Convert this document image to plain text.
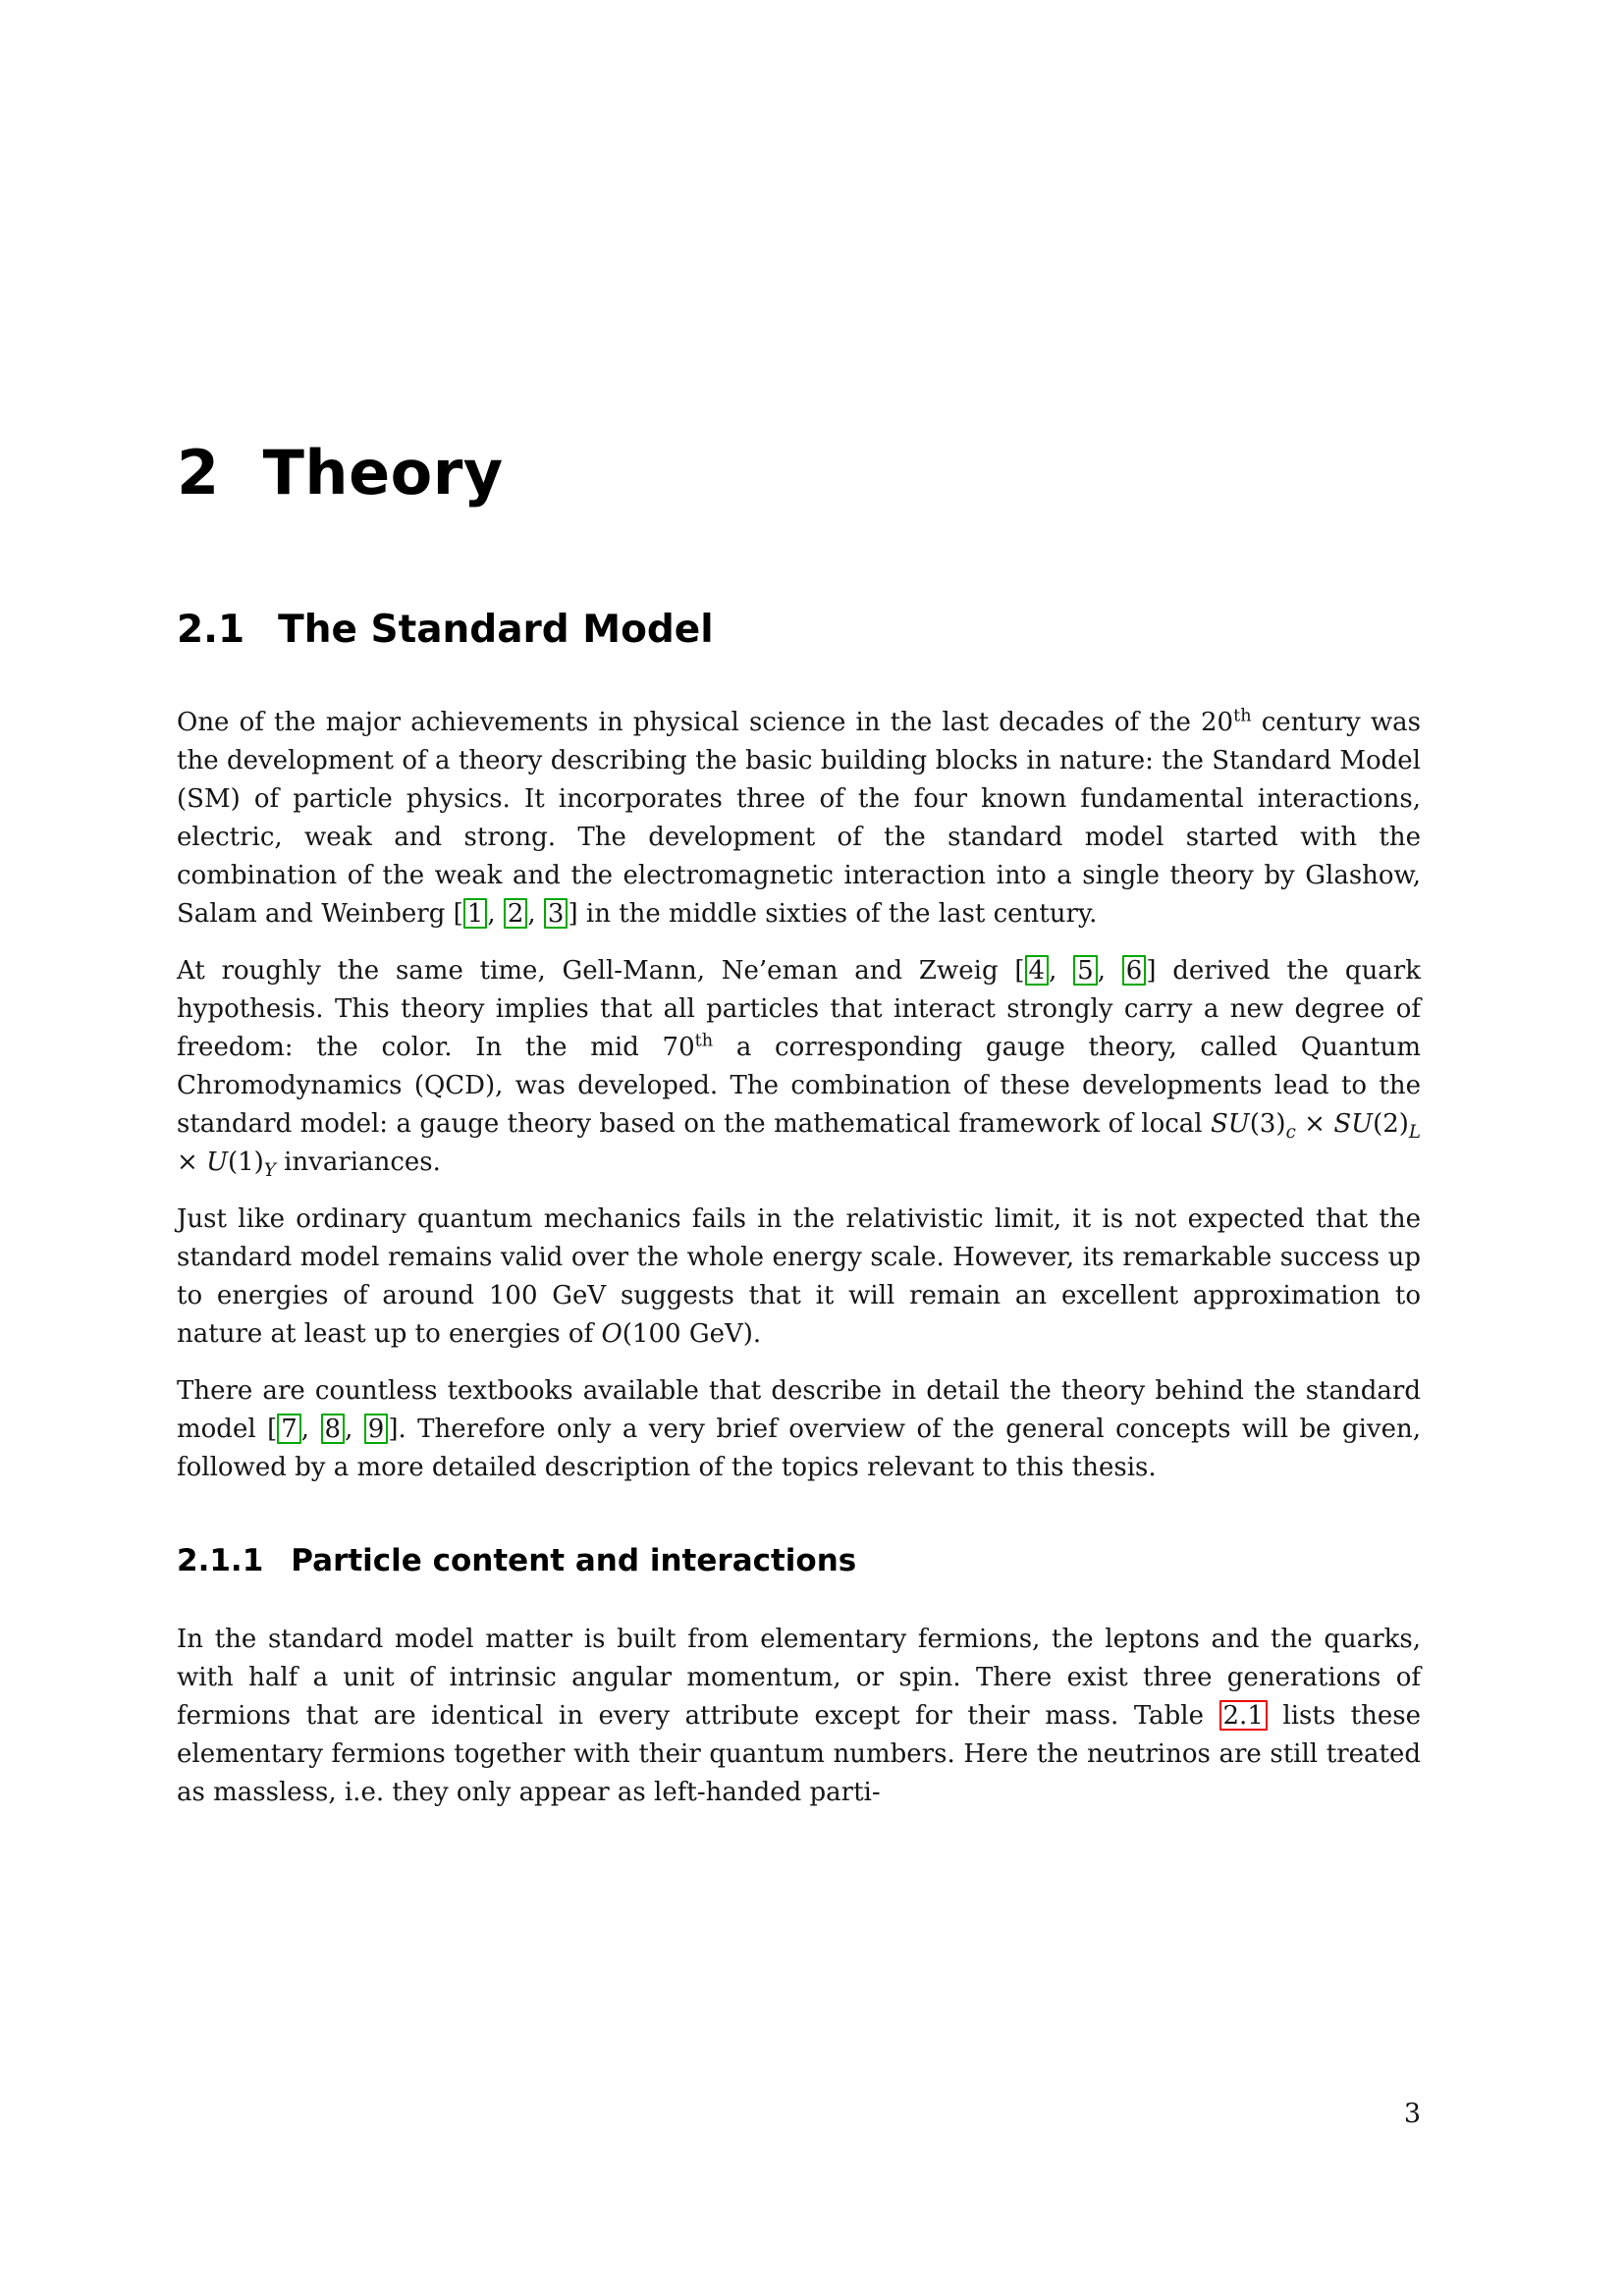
2 Theory
2.1 The Standard Model

One of the major achievements in physical science in the last decades of the 20th century was the development of a theory describing the basic building blocks in nature: the Standard Model (SM) of particle physics. It incorporates three of the four known fundamental interactions, electric, weak and strong. The development of the standard model started with the combination of the weak and the electromagnetic interaction into a single theory by Glashow, Salam and Weinberg [ 1 , 2 , 3 ] in the middle sixties of the last century.

At roughly the same time, Gell-Mann, Ne’eman and Zweig [ 4 , 5 , 6 ] derived the quark hypothesis. This theory implies that all particles that interact strongly carry a new degree of freedom: the color. In the mid 70th a corresponding gauge theory, called Quantum Chromodynamics (QCD), was developed. The combination of these developments lead to the standard model: a gauge theory based on the mathematical framework of local $SU(3)_c \times SU(2)_L \times U(1)_Y$ invariances.

Just like ordinary quantum mechanics fails in the relativistic limit, it is not expected that the standard model remains valid over the whole energy scale. However, its remarkable success up to energies of around 100 GeV suggests that it will remain an excellent approximation to nature at least up to energies of O(100 GeV).

There are countless textbooks available that describe in detail the theory behind the standard model [ 7 , 8 , 9 ]. Therefore only a very brief overview of the general concepts will be given, followed by a more detailed description of the topics relevant to this thesis.

2.1.1 Particle content and interactions

In the standard model matter is built from elementary fermions, the leptons and the quarks, with half a unit of intrinsic angular momentum, or spin. There exist three generations of fermions that are identical in every attribute except for their mass. Table 2.1 lists these elementary fermions together with their quantum numbers. Here the neutrinos are still treated as massless, i.e. they only appear as left-handed parti-

3
